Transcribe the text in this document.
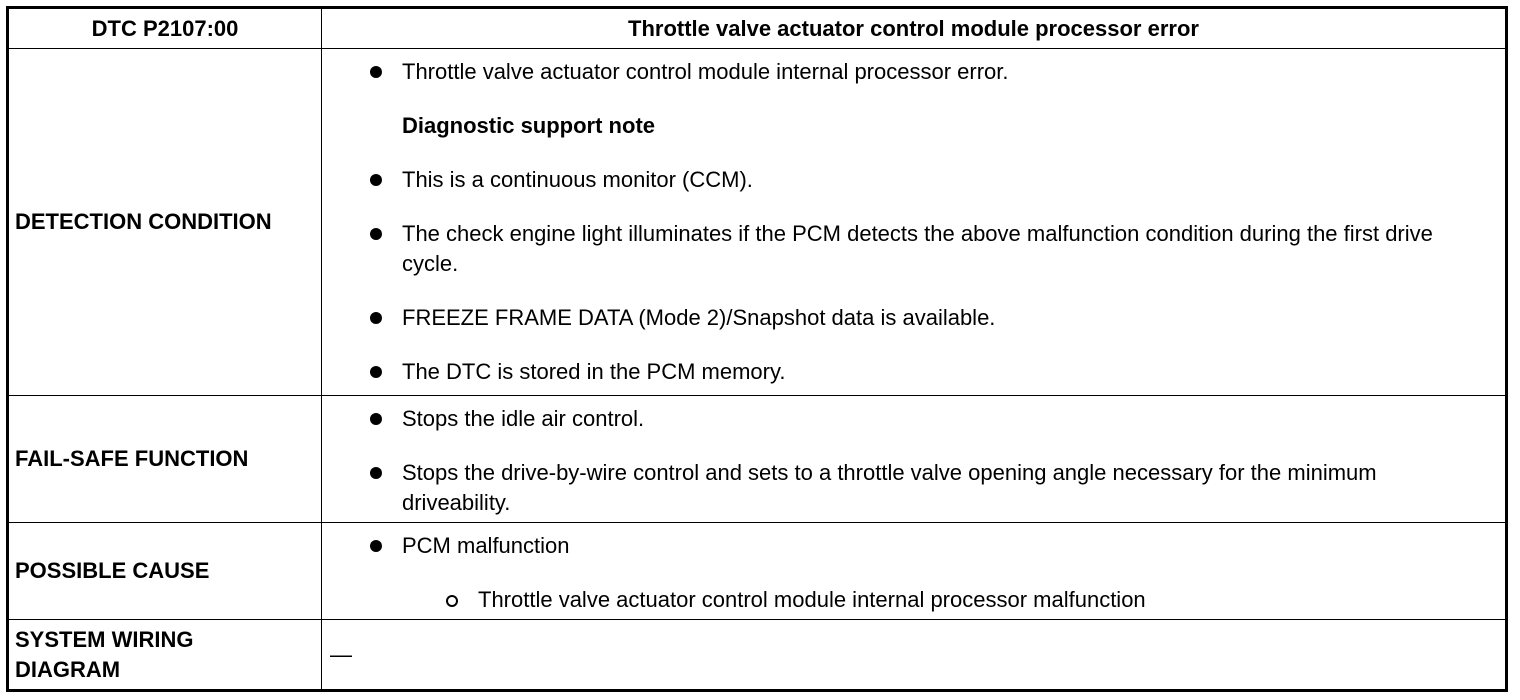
DTC P2107:00	Throttle valve actuator control module processor error
DETECTION CONDITION
Throttle valve actuator control module internal processor error.
Diagnostic support note
This is a continuous monitor (CCM).
The check engine light illuminates if the PCM detects the above malfunction condition during the first drive cycle.
FREEZE FRAME DATA (Mode 2)/Snapshot data is available.
The DTC is stored in the PCM memory.
FAIL-SAFE FUNCTION
Stops the idle air control.
Stops the drive-by-wire control and sets to a throttle valve opening angle necessary for the minimum driveability.
POSSIBLE CAUSE
PCM malfunction
Throttle valve actuator control module internal processor malfunction
SYSTEM WIRING
DIAGRAM
—
